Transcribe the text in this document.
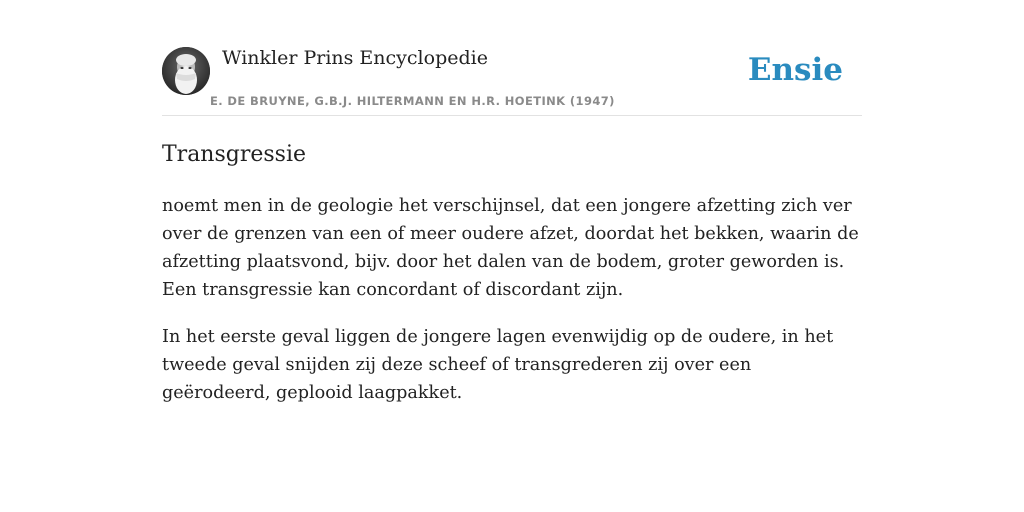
Winkler Prins Encyclopedie
E. DE BRUYNE, G.B.J. HILTERMANN EN H.R. HOETINK (1947)
Ensie
Transgressie

noemt men in de geologie het verschijnsel, dat een jongere afzetting zich ver over de grenzen van een of meer oudere afzet, doordat het bekken, waarin de afzetting plaatsvond, bijv. door het dalen van de bodem, groter geworden is. Een transgressie kan concordant of discordant zijn.

In het eerste geval liggen de jongere lagen evenwijdig op de oudere, in het tweede geval snijden zij deze scheef of transgrederen zij over een geërodeerd, geplooid laagpakket.
